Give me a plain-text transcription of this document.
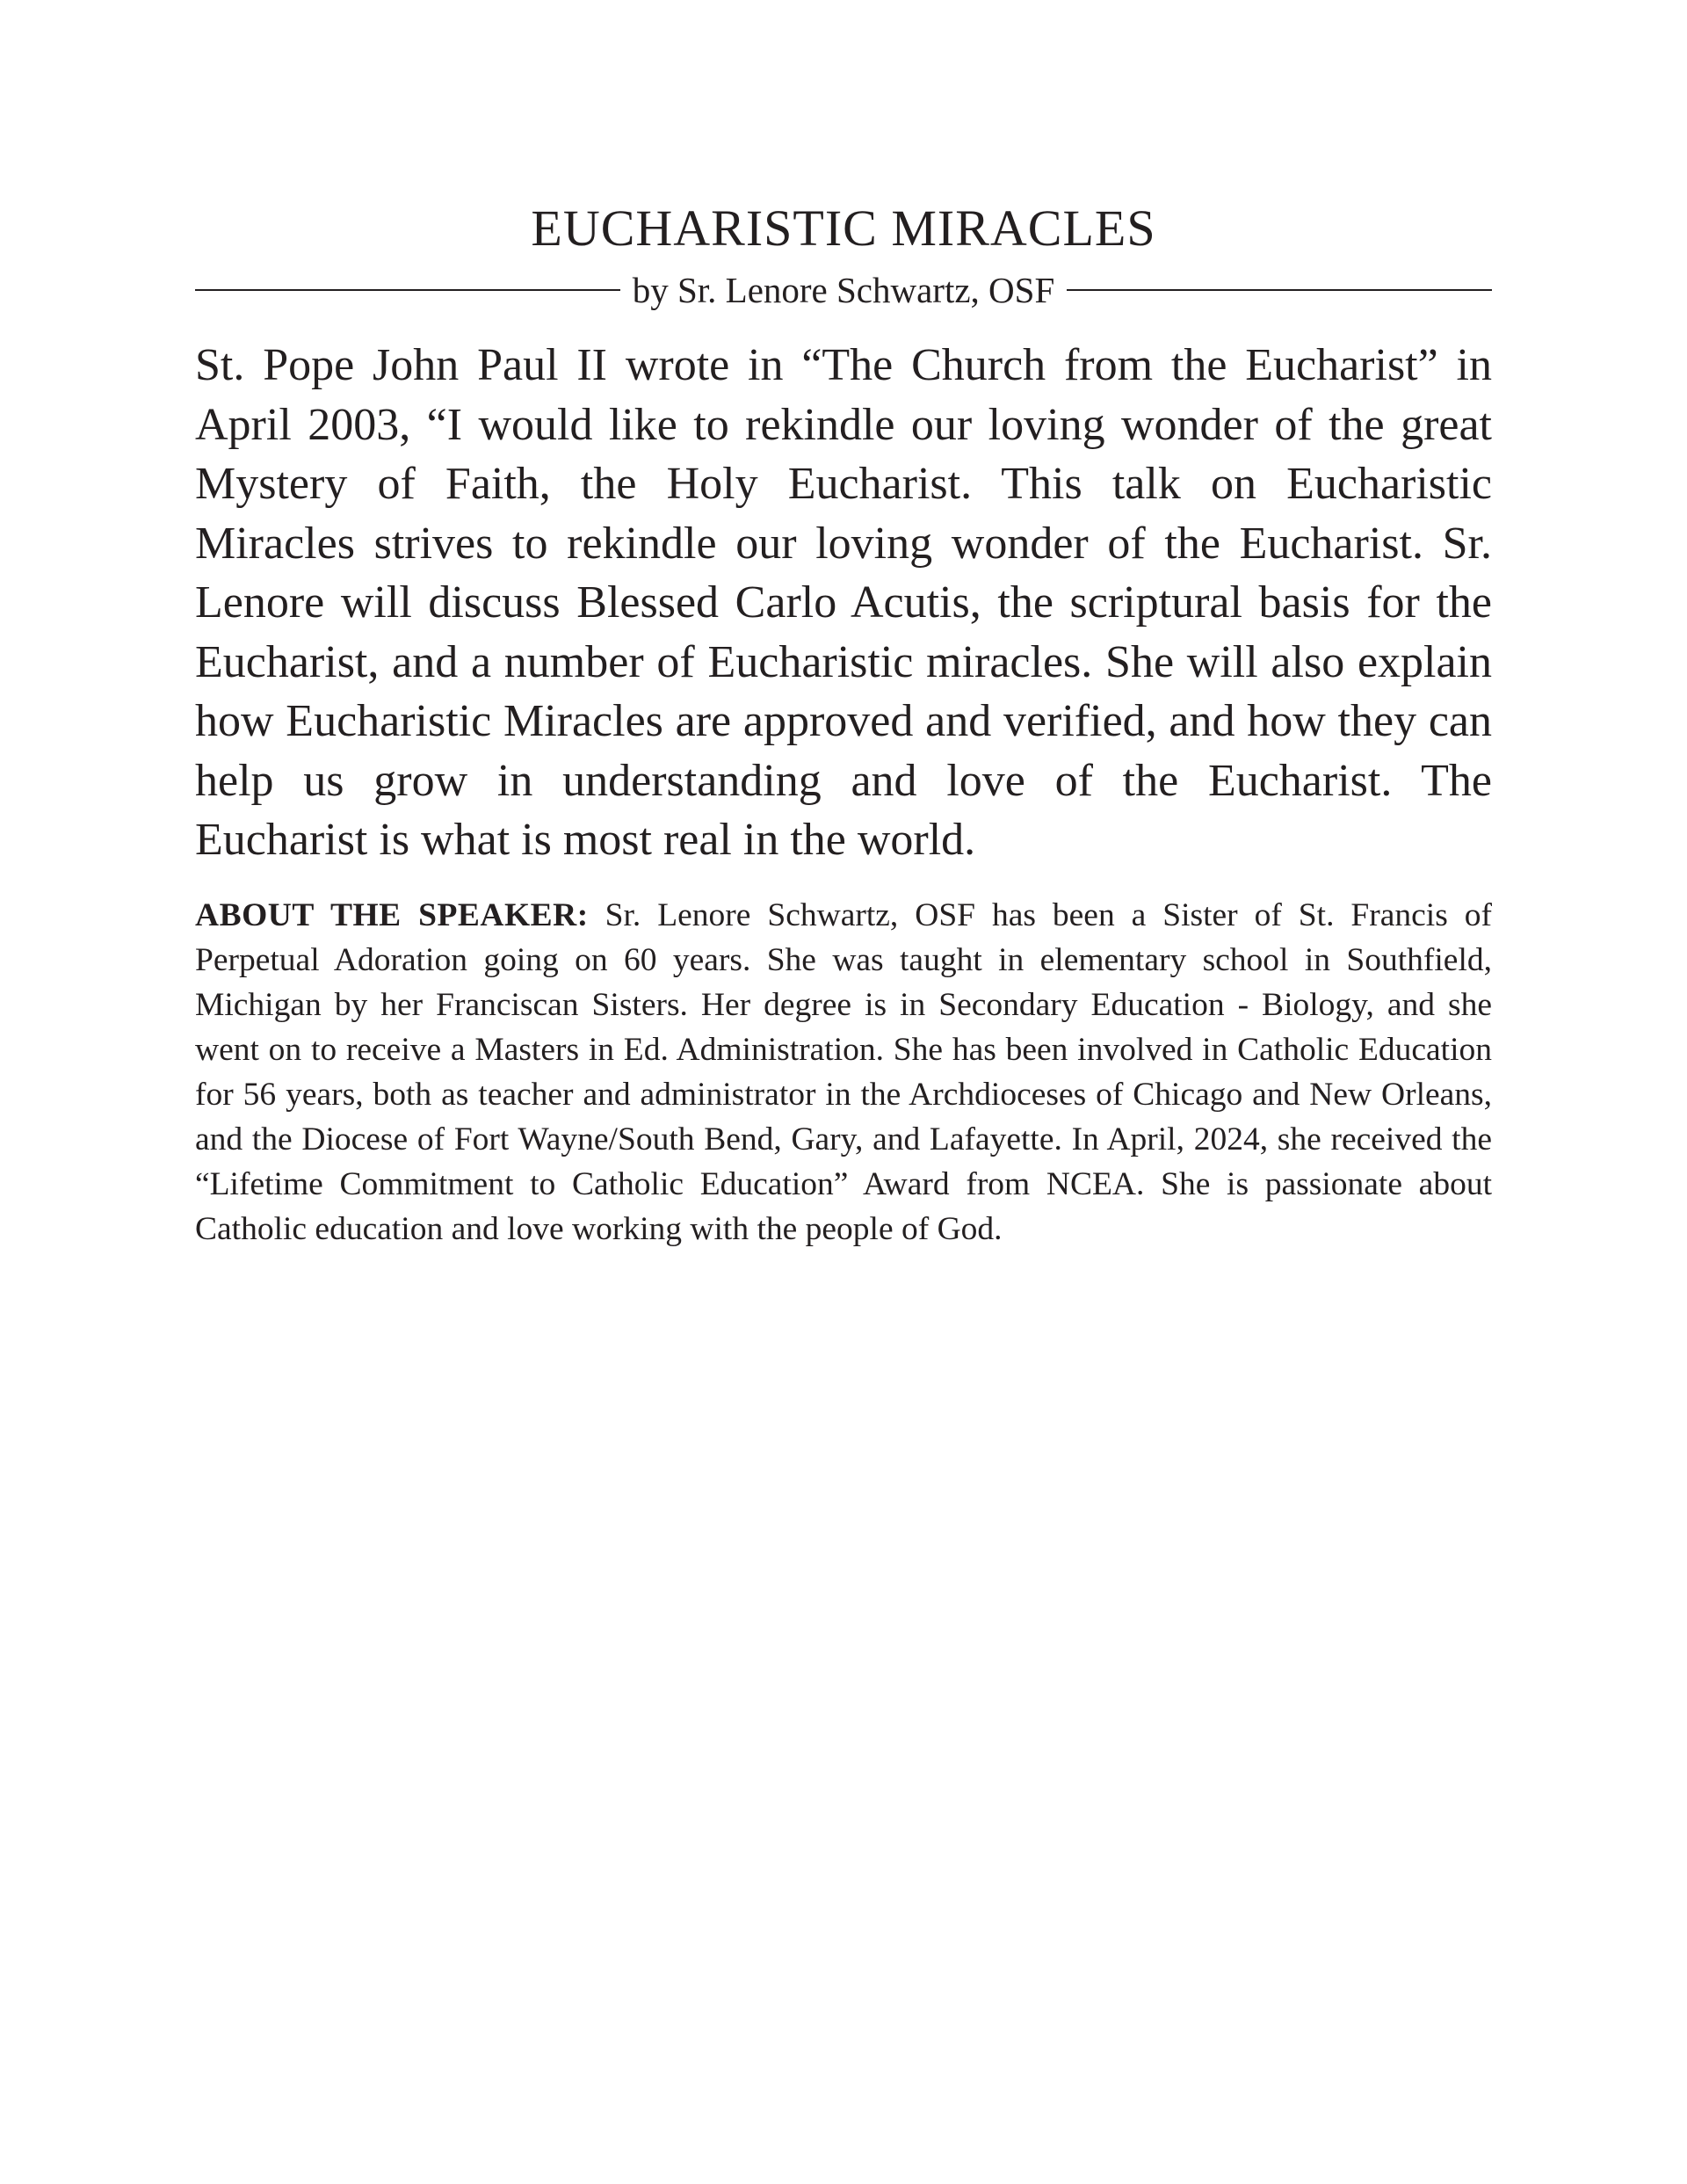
EUCHARISTIC MIRACLES
by Sr. Lenore Schwartz, OSF

St. Pope John Paul II wrote in “The Church from the Eucharist” in April 2003, “I would like to rekindle our loving wonder of the great Mystery of Faith, the Holy Eucharist. This talk on Eucharistic Miracles strives to rekindle our loving wonder of the Eucharist. Sr. Lenore will discuss Blessed Carlo Acutis, the scriptural basis for the Eucharist, and a number of Eucharistic miracles. She will also explain how Eucharistic Miracles are approved and verified, and how they can help us grow in understanding and love of the Eucharist. The Eucharist is what is most real in the world.

ABOUT THE SPEAKER: Sr. Lenore Schwartz, OSF has been a Sister of St. Francis of Perpetual Adoration going on 60 years. She was taught in elementary school in Southfield, Michigan by her Franciscan Sisters. Her degree is in Secondary Education - Biology, and she went on to receive a Masters in Ed. Administration. She has been involved in Catholic Education for 56 years, both as teacher and administrator in the Archdioceses of Chicago and New Orleans, and the Diocese of Fort Wayne/South Bend, Gary, and Lafayette. In April, 2024, she received the “Lifetime Commitment to Catholic Education” Award from NCEA. She is passionate about Catholic education and love working with the people of God.
